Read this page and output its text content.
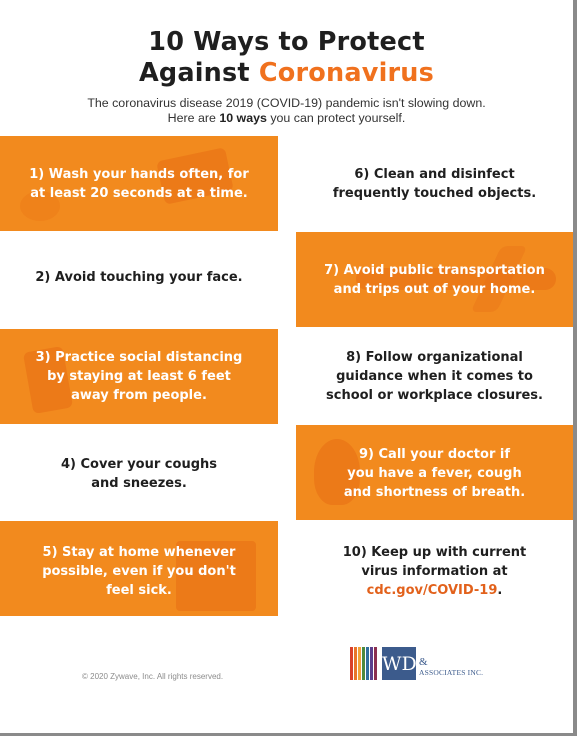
10 Ways to Protect
Against Coronavirus
The coronavirus disease 2019 (COVID-19) pandemic isn't slowing down.
Here are 10 ways you can protect yourself.
1) Wash your hands often, for
at least 20 seconds at a time.
6) Clean and disinfect
frequently touched objects.
2) Avoid touching your face.	7) Avoid public transportation
and trips out of your home.
3) Practice social distancing
by staying at least 6 feet
away from people.
8) Follow organizational
guidance when it comes to
school or workplace closures.
4) Cover your coughs
and sneezes.
9) Call your doctor if
you have a fever, cough
and shortness of breath.
5) Stay at home whenever
possible, even if you don't
feel sick.
10) Keep up with current
virus information at
cdc.gov/COVID-19.
© 2020 Zywave, Inc. All rights reserved.
WD &
ASSOCIATES INC.
